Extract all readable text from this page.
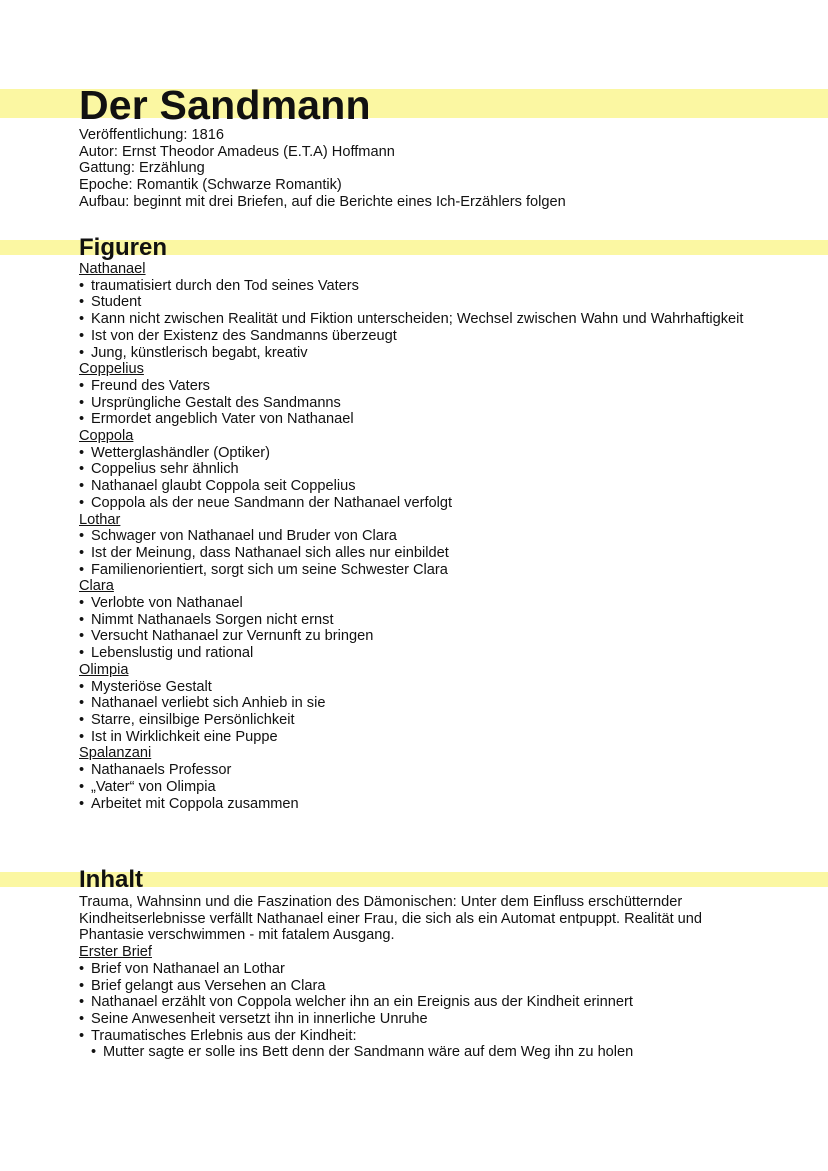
Der Sandmann

Veröffentlichung: 1816

Autor: Ernst Theodor Amadeus (E.T.A) Hoffmann

Gattung: Erzählung

Epoche: Romantik (Schwarze Romantik)

Aufbau: beginnt mit drei Briefen, auf die Berichte eines Ich-Erzählers folgen

Figuren

Nathanael

• traumatisiert durch den Tod seines Vaters
• Student
• Kann nicht zwischen Realität und Fiktion unterscheiden; Wechsel zwischen Wahn und Wahrhaftigkeit
• Ist von der Existenz des Sandmanns überzeugt
• Jung, künstlerisch begabt, kreativ

Coppelius

• Freund des Vaters
• Ursprüngliche Gestalt des Sandmanns
• Ermordet angeblich Vater von Nathanael

Coppola

• Wetterglashändler (Optiker)
• Coppelius sehr ähnlich
• Nathanael glaubt Coppola seit Coppelius
• Coppola als der neue Sandmann der Nathanael verfolgt

Lothar

• Schwager von Nathanael und Bruder von Clara
• Ist der Meinung, dass Nathanael sich alles nur einbildet
• Familienorientiert, sorgt sich um seine Schwester Clara

Clara

• Verlobte von Nathanael
• Nimmt Nathanaels Sorgen nicht ernst
• Versucht Nathanael zur Vernunft zu bringen
• Lebenslustig und rational

Olimpia

• Mysteriöse Gestalt
• Nathanael verliebt sich Anhieb in sie
• Starre, einsilbige Persönlichkeit
• Ist in Wirklichkeit eine Puppe

Spalanzani

• Nathanaels Professor
• „Vater“ von Olimpia
• Arbeitet mit Coppola zusammen
Inhalt

Trauma, Wahnsinn und die Faszination des Dämonischen: Unter dem Einfluss erschütternder Kindheitserlebnisse verfällt Nathanael einer Frau, die sich als ein Automat entpuppt. Realität und Phantasie verschwimmen - mit fatalem Ausgang.

Erster Brief

• Brief von Nathanael an Lothar
• Brief gelangt aus Versehen an Clara
• Nathanael erzählt von Coppola welcher ihn an ein Ereignis aus der Kindheit erinnert
• Seine Anwesenheit versetzt ihn in innerliche Unruhe
• Traumatisches Erlebnis aus der Kindheit:
• Mutter sagte er solle ins Bett denn der Sandmann wäre auf dem Weg ihn zu holen
